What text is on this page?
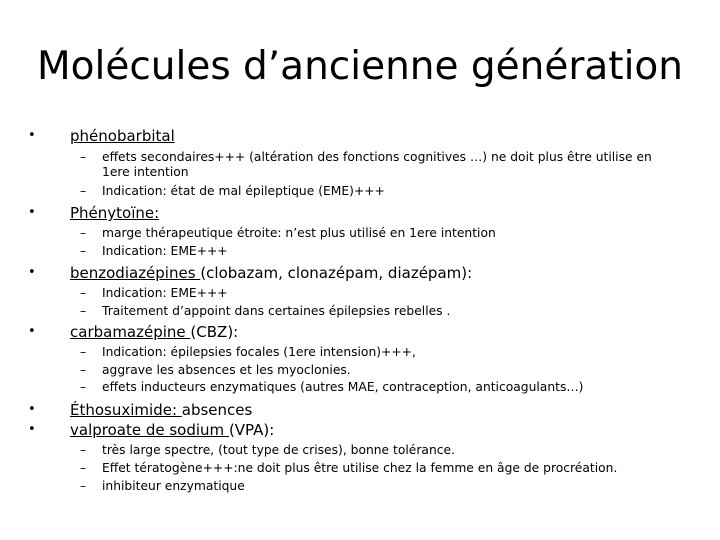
Molécules d’ancienne génération
• phénobarbital
– effets secondaires+++ (altération des fonctions cognitives …) ne doit plus être utilise en
1ere intention
– Indication: état de mal épileptique (EME)+++
• Phénytoïne:
– marge thérapeutique étroite: n’est plus utilisé en 1ere intention
– Indication: EME+++
• benzodiazépines (clobazam, clonazépam, diazépam):
– Indication: EME+++
– Traitement d’appoint dans certaines épilepsies rebelles .
• carbamazépine (CBZ):
– Indication: épilepsies focales (1ere intension)+++,
– aggrave les absences et les myoclonies.
– effets inducteurs enzymatiques (autres MAE, contraception, anticoagulants…)
• Éthosuximide: absences
• valproate de sodium (VPA):
– très large spectre, (tout type de crises), bonne tolérance.
– Effet tératogène+++:ne doit plus être utilise chez la femme en âge de procréation.
– inhibiteur enzymatique
